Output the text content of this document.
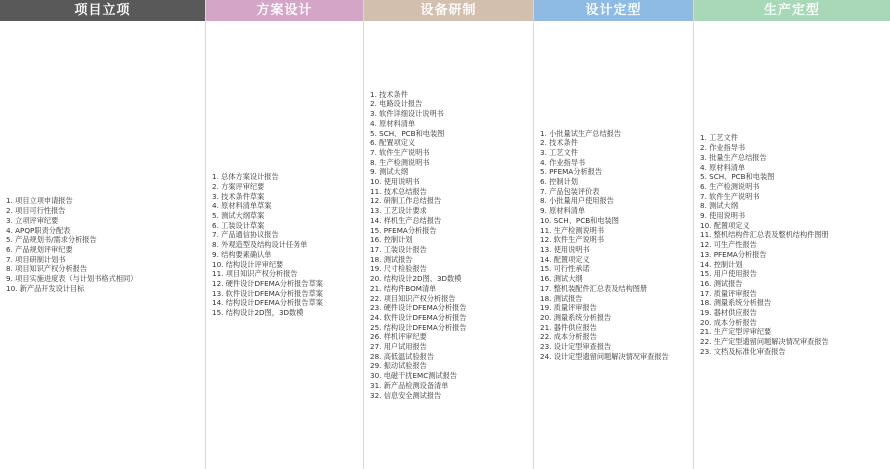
项目立项
1. 项目立项申请报告
2. 项目可行性报告
3. 立项评审纪要
4. APQP职责分配表
5. 产品规划书/需求分析报告
6. 产品规划评审纪要
7. 项目研制计划书
8. 项目知识产权分析报告
9. 项目实施进度表（与计划书格式相同）
10. 新产品开发设计目标
方案设计
1. 总体方案设计报告
2. 方案评审纪要
3. 技术条件草案
4. 原材料清单草案
5. 测试大纲草案
6. 工装设计草案
7. 产品通信协议报告
8. 外观造型及结构设计任务单
9. 结构要素确认单
10. 结构设计评审纪要
11. 项目知识产权分析报告
12. 硬件设计DFEMA分析报告草案
13. 软件设计DFEMA分析报告草案
14. 结构设计DFEMA分析报告草案
15. 结构设计2D图，3D数模
设备研制
1. 技术条件
2. 电路设计报告
3. 软件详细设计说明书
4. 原材料清单
5. SCH、PCB和电装图
6. 配置项定义
7. 软件生产说明书
8. 生产检测说明书
9. 测试大纲
10. 使用说明书
11. 技术总结报告
12. 研制工作总结报告
13. 工艺设计要求
14. 样机生产总结报告
15. PFEMA分析报告
16. 控制计划
17. 工装设计报告
18. 测试报告
19. 尺寸检验报告
20. 结构设计2D图、3D数模
21. 结构件BOM清单
22. 项目知识产权分析报告
23. 硬件设计DFEMA分析报告
24. 软件设计DFEMA分析报告
25. 结构设计DFEMA分析报告
26. 样机评审纪要
27. 用户试用报告
28. 高低温试验报告
29. 振动试验报告
30. 电磁干扰EMC测试报告
31. 新产品检测设备清单
32. 信息安全测试报告
设计定型
1. 小批量试生产总结报告
2. 技术条件
3. 工艺文件
4. 作业指导书
5. PFEMA分析报告
6. 控制计划
7. 产品包装评价表
8. 小批量用户使用报告
9. 原材料清单
10. SCH、PCB和电装图
11. 生产检测说明书
12. 软件生产说明书
13. 使用说明书
14. 配置项定义
15. 可行性承诺
16. 测试大纲
17. 整机装配件汇总表及结构图册
18. 测试报告
19. 质量评审报告
20. 测量系统分析报告
21. 器件供应报告
22. 成本分析报告
23. 设计定型审查报告
24. 设计定型遗留问题解决情况审查报告
生产定型
1. 工艺文件
2. 作业指导书
3. 批量生产总结报告
4. 原材料清单
5. SCH、PCB和电装图
6. 生产检测说明书
7. 软件生产说明书
8. 测试大纲
9. 使用说明书
10. 配置项定义
11. 整机结构件汇总表及整机结构件图册
12. 可生产性报告
13. PFEMA分析报告
14. 控制计划
15. 用户使用报告
16. 测试报告
17. 质量评审报告
18. 测量系统分析报告
19. 器材供应报告
20. 成本分析报告
21. 生产定型评审纪要
22. 生产定型遗留问题解决情况审查报告
23. 文档及标准化审查报告
